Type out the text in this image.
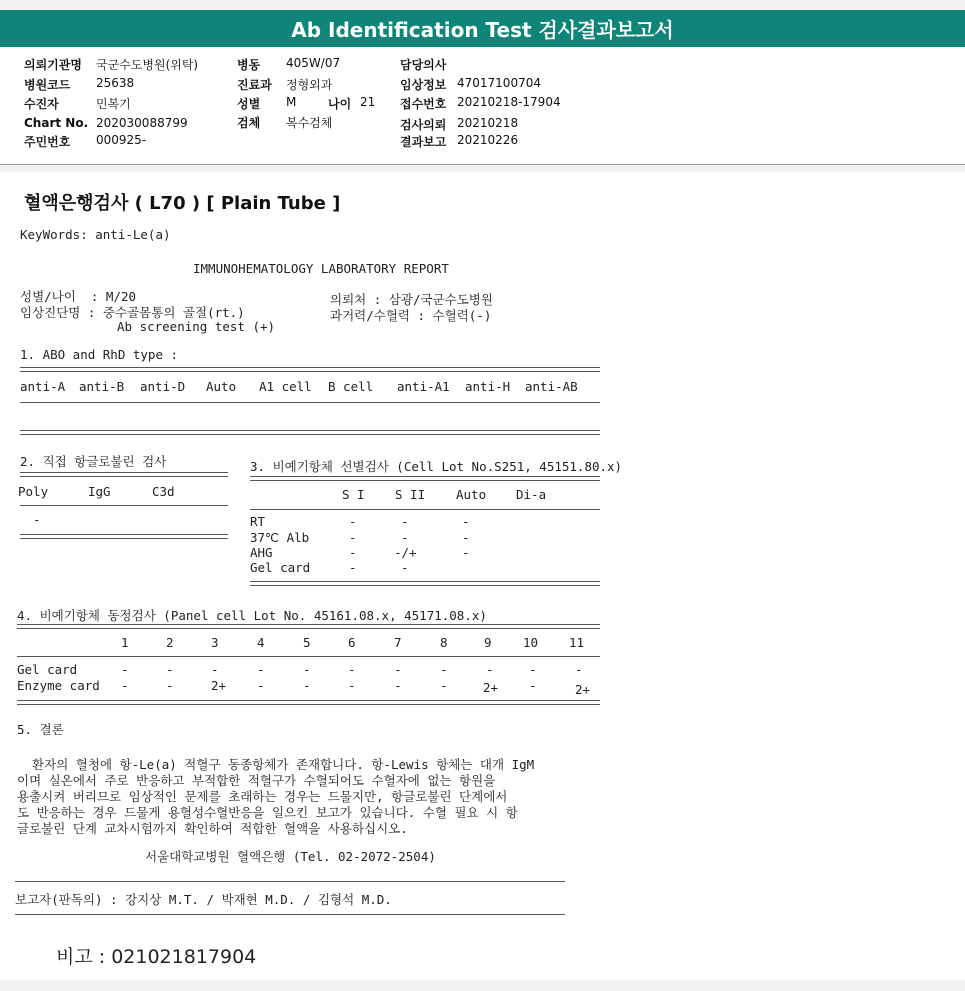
Ab Identification Test 검사결과보고서
의뢰기관명 국군수도병원(위탁)
병원코드 25638
수진자	민복기
Chart No. 202030088799
주민번호 000925-
병동 405W/07
진료과 정형외과
성별 M	나이 21
검체 복수검체
담당의사
임상정보 47017100704
접수번호 20210218-17904
검사의뢰 20210218
결과보고 20210226
혈액은행검사 ( L70 ) [ Plain Tube ]
KeyWords: anti-Le(a)
IMMUNOHEMATOLOGY LABORATORY REPORT
성별/나이  : M/20
임상진단명 : 중수골몸통의 골절(rt.)
Ab screening test (+)
의뢰처 : 삼광/국군수도병원
과거력/수혈력 : 수혈력(-)
1. ABO and RhD type :
anti-A anti-B anti-D Auto A1 cell B cell anti-A1 anti-H anti-AB
2. 직접 항글로불린 검사
Poly	IgG	C3d
-
3. 비예기항체 선별검사 (Cell Lot No.S251, 45151.80.x)
S I S II Auto Di-a
RT	-	-	-
37℃ Alb	-	-	-
AHG	-	-/+	-
Gel card	-	-
4. 비예기항체 동정검사 (Panel cell Lot No. 45161.08.x, 45171.08.x)
1	2	3	4	5	6	7	8	9	10 11
Gel card	-	-	-	-	-	-	-	-	-	-	-
Enzyme card -	-	2+ -	-	-	-	-	2+ -	2+
5. 결론
환자의 혈청에 항-Le(a) 적혈구 동종항체가 존재합니다. 항-Lewis 항체는 대개 IgM
이며 실온에서 주로 반응하고 부적합한 적혈구가 수혈되어도 수혈자에 없는 항원을
용출시켜 버리므로 임상적인 문제를 초래하는 경우는 드물지만, 항글로불린 단계에서
도 반응하는 경우 드물게 용혈성수혈반응을 일으킨 보고가 있습니다. 수혈 필요 시 항
글로불린 단계 교차시험까지 확인하여 적합한 혈액을 사용하십시오.
서울대학교병원 혈액은행 (Tel. 02-2072-2504)
보고자(판독의) : 강지상 M.T. / 박재현 M.D. / 김형석 M.D.
비고 : 021021817904
